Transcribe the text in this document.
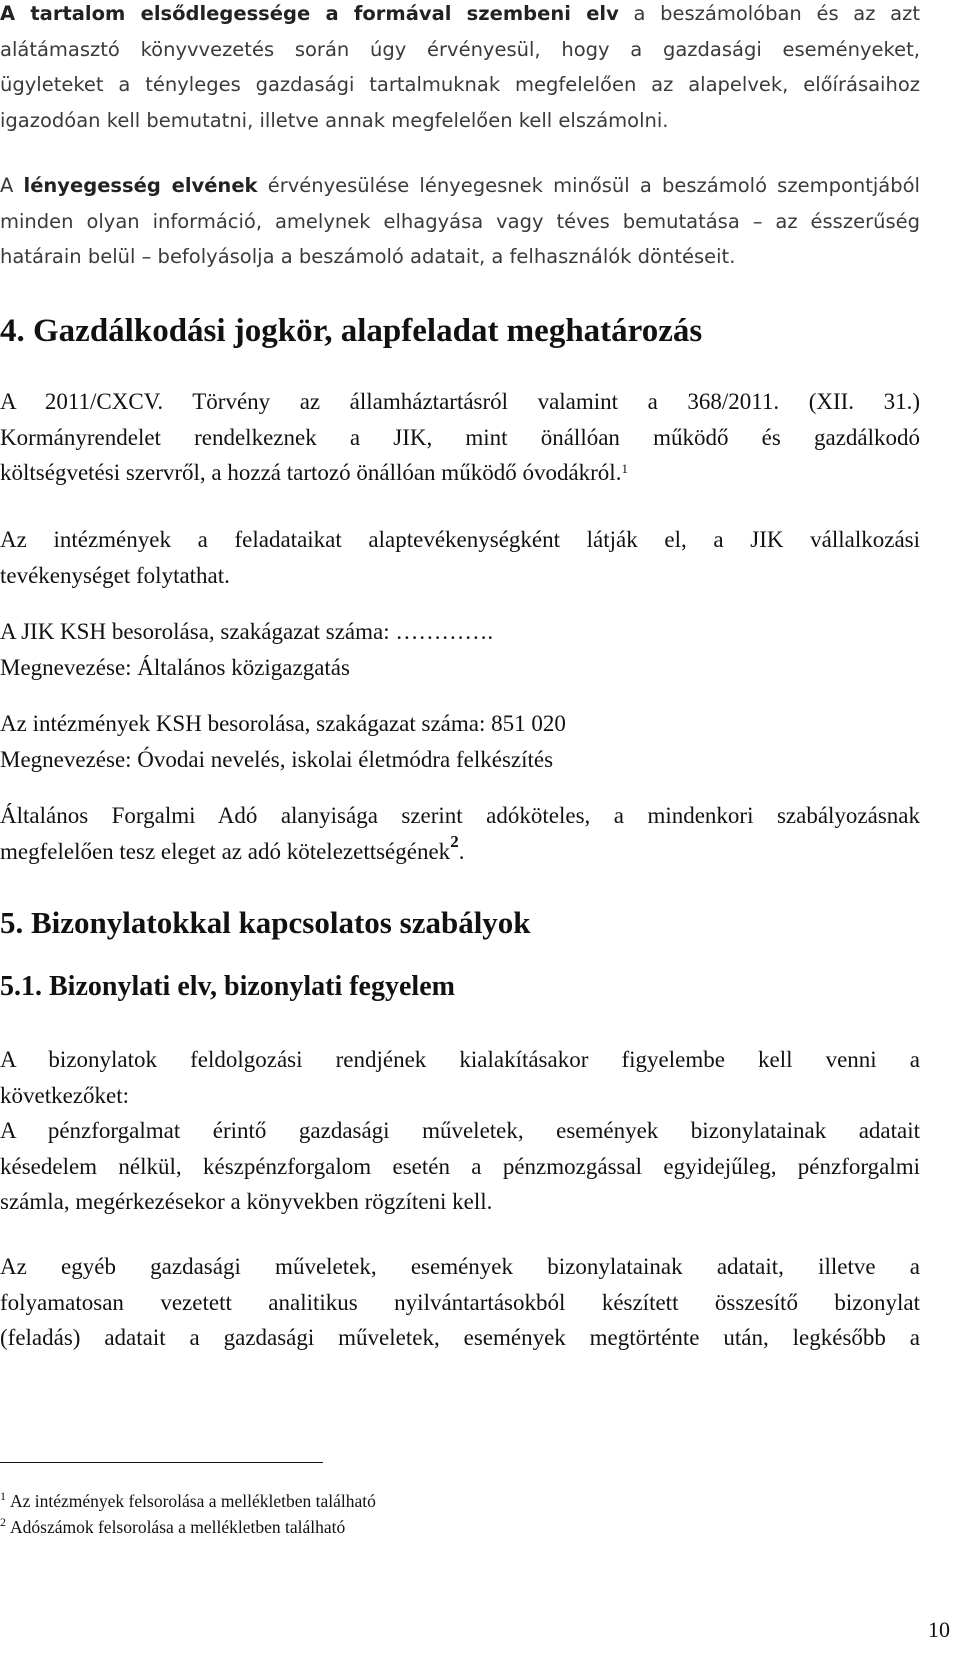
A tartalom elsődlegessége a formával szembeni elv a beszámolóban és az azt
alátámasztó könyvvezetés során úgy érvényesül, hogy a gazdasági eseményeket,
ügyleteket a tényleges gazdasági tartalmuknak megfelelően az alapelvek, előírásaihoz
igazodóan kell bemutatni, illetve annak megfelelően kell elszámolni.
A lényegesség elvének érvényesülése lényegesnek minősül a beszámoló szempontjából
minden olyan információ, amelynek elhagyása vagy téves bemutatása – az ésszerűség
határain belül – befolyásolja a beszámoló adatait, a felhasználók döntéseit.
4. Gazdálkodási jogkör, alapfeladat meghatározás
A 2011/CXCV. Törvény az államháztartásról valamint a 368/2011. (XII. 31.)
Kormányrendelet rendelkeznek a JIK, mint önállóan működő és gazdálkodó
költségvetési szervről, a hozzá tartozó önállóan működő óvodákról.$^1$
Az intézmények a feladataikat alaptevékenységként látják el, a JIK vállalkozási
tevékenységet folytathat.
A JIK KSH besorolása, szakágazat száma: ………….
Megnevezése: Általános közigazgatás
Az intézmények KSH besorolása, szakágazat száma: 851 020
Megnevezése: Óvodai nevelés, iskolai életmódra felkészítés
Általános Forgalmi Adó alanyisága szerint adóköteles, a mindenkori szabályozásnak
megfelelően tesz eleget az adó kötelezettségének$^2$.
5. Bizonylatokkal kapcsolatos szabályok
5.1. Bizonylati elv, bizonylati fegyelem
A bizonylatok feldolgozási rendjének kialakításakor figyelembe kell venni a
következőket:
A pénzforgalmat érintő gazdasági műveletek, események bizonylatainak adatait
késedelem nélkül, készpénzforgalom esetén a pénzmozgással egyidejűleg, pénzforgalmi
számla, megérkezésekor a könyvekben rögzíteni kell.
Az egyéb gazdasági műveletek, események bizonylatainak adatait, illetve a
folyamatosan vezetett analitikus nyilvántartásokból készített összesítő bizonylat
(feladás) adatait a gazdasági műveletek, események megtörténte után, legkésőbb a
$^1$ Az intézmények felsorolása a mellékletben található
$^2$ Adószámok felsorolása a mellékletben található
10
